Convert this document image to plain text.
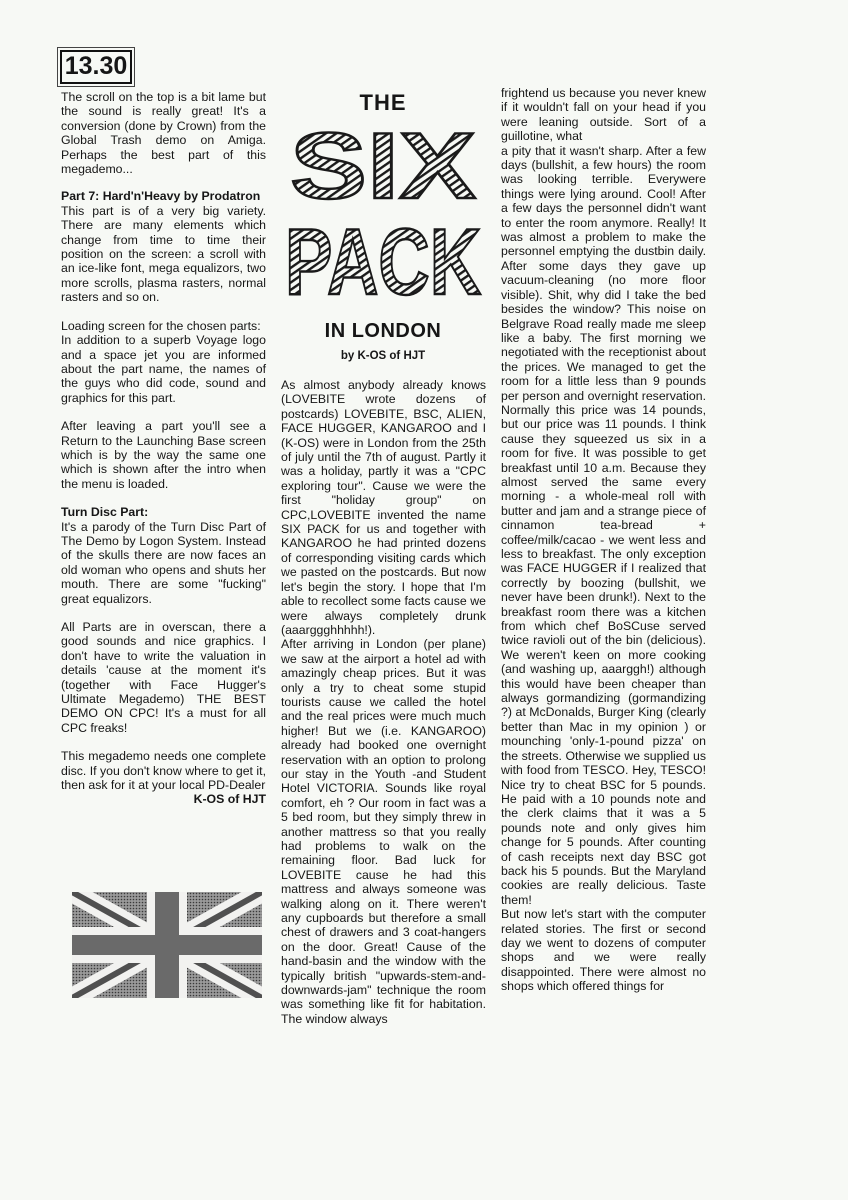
13.30

The scroll on the top is a bit lame but the sound is really great! It's a conversion (done by Crown) from the Global Trash demo on Amiga. Perhaps the best part of this megademo...

Part 7: Hard'n'Heavy by Prodatron

This part is of a very big variety. There are many elements which change from time to time their position on the screen: a scroll with an ice-like font, mega equalizors, two more scrolls, plasma rasters, normal rasters and so on.

Loading screen for the chosen parts:

In addition to a superb Voyage logo and a space jet you are informed about the part name, the names of the guys who did code, sound and graphics for this part.

After leaving a part you'll see a Return to the Launching Base screen which is by the way the same one which is shown after the intro when the menu is loaded.

Turn Disc Part:

It's a parody of the Turn Disc Part of The Demo by Logon System. Instead of the skulls there are now faces an old woman who opens and shuts her mouth. There are some "fucking" great equalizors.

All Parts are in overscan, there a good sounds and nice graphics. I don't have to write the valuation in details 'cause at the moment it's (together with Face Hugger's Ultimate Megademo) THE BEST DEMO ON CPC! It's a must for all CPC freaks!

This megademo needs one complete disc. If you don't know where to get it, then ask for it at your local PD-Dealer

K-OS of HJT

THE
SIX
PACK
IN LONDON
by K-OS of HJT

As almost anybody already knows (LOVEBITE wrote dozens of postcards) LOVEBITE, BSC, ALIEN, FACE HUGGER, KANGAROO and I (K-OS) were in London from the 25th of july until the 7th of august. Partly it was a holiday, partly it was a "CPC exploring tour". Cause we were the first "holiday group" on CPC,LOVEBITE invented the name SIX PACK for us and together with KANGAROO he had printed dozens of corresponding visiting cards which we pasted on the postcards. But now let's begin the story. I hope that I'm able to recollect some facts cause we were always completely drunk (aaarggghhhhh!).

After arriving in London (per plane) we saw at the airport a hotel ad with amazingly cheap prices. But it was only a try to cheat some stupid tourists cause we called the hotel and the real prices were much much higher! But we (i.e. KANGAROO) already had booked one overnight reservation with an option to prolong our stay in the Youth -and Student Hotel VICTORIA. Sounds like royal comfort, eh ? Our room in fact was a 5 bed room, but they simply threw in another mattress so that you really had problems to walk on the remaining floor. Bad luck for LOVEBITE cause he had this mattress and always someone was walking along on it. There weren't any cupboards but therefore a small chest of drawers and 3 coat-hangers on the door. Great! Cause of the hand-basin and the window with the typically british "upwards-stem-and-downwards-jam" technique the room was something like fit for habitation. The window always

frightend us because you never knew if it wouldn't fall on your head if you were leaning outside. Sort of a guillotine, what

a pity that it wasn't sharp. After a few days (bullshit, a few hours) the room was looking terrible. Everywere things were lying around. Cool! After a few days the personnel didn't want to enter the room anymore. Really! It was almost a problem to make the personnel emptying the dustbin daily. After some days they gave up vacuum-cleaning (no more floor visible). Shit, why did I take the bed besides the window? This noise on Belgrave Road really made me sleep like a baby. The first morning we negotiated with the receptionist about the prices. We managed to get the room for a little less than 9 pounds per person and overnight reservation. Normally this price was 14 pounds, but our price was 11 pounds. I think cause they squeezed us six in a room for five. It was possible to get breakfast until 10 a.m. Because they almost served the same every morning - a whole-meal roll with butter and jam and a strange piece of cinnamon tea-bread + coffee/milk/cacao - we went less and less to breakfast. The only exception was FACE HUGGER if I realized that correctly by boozing (bullshit, we never have been drunk!). Next to the breakfast room there was a kitchen from which chef BoSCuse served twice ravioli out of the bin (delicious). We weren't keen on more cooking (and washing up, aaarggh!) although this would have been cheaper than always gormandizing (gormandizing ?) at McDonalds, Burger King (clearly better than Mac in my opinion ) or mounching 'only-1-pound pizza' on the streets. Otherwise we supplied us with food from TESCO. Hey, TESCO! Nice try to cheat BSC for 5 pounds. He paid with a 10 pounds note and the clerk claims that it was a 5 pounds note and only gives him change for 5 pounds. After counting of cash receipts next day BSC got back his 5 pounds. But the Maryland cookies are really delicious. Taste them!

But now let's start with the computer related stories. The first or second day we went to dozens of computer shops and we were really disappointed. There were almost no shops which offered things for
